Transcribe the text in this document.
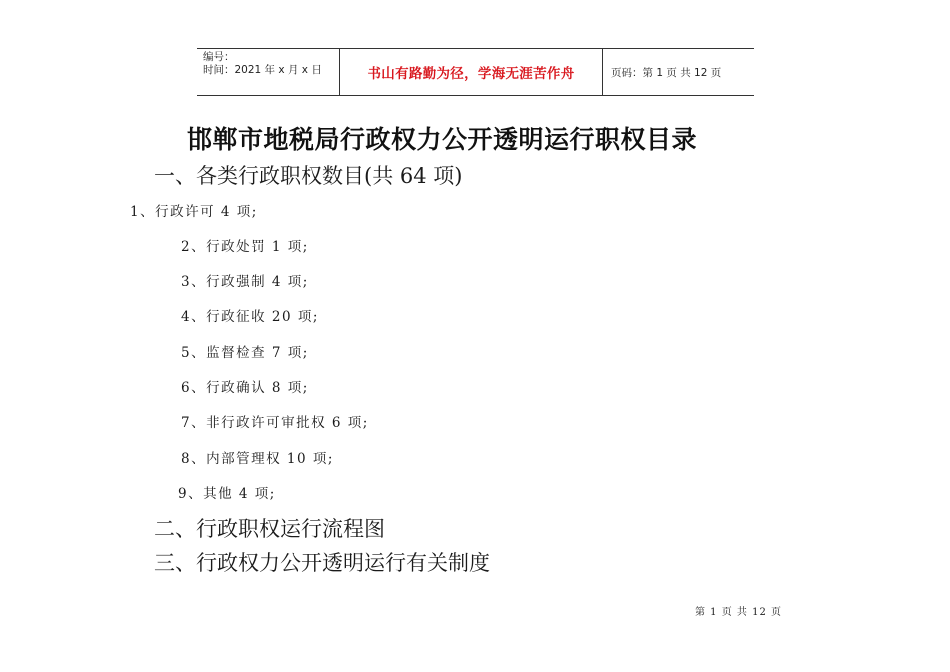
编号：
时间：2021 年 x 月 x 日	书山有路勤为径，学海无涯苦作舟	页码：第 1 页 共 12 页
邯郸市地税局行政权力公开透明运行职权目录
一、各类行政职权数目(共 64 项)
1、行政许可 4 项;
2、行政处罚 1 项;
3、行政强制 4 项;
4、行政征收 20 项;
5、监督检查 7 项;
6、行政确认 8 项;
7、非行政许可审批权 6 项;
8、内部管理权 10 项;
9、其他 4 项;
二、行政职权运行流程图
三、行政权力公开透明运行有关制度
第 1 页 共 12 页
